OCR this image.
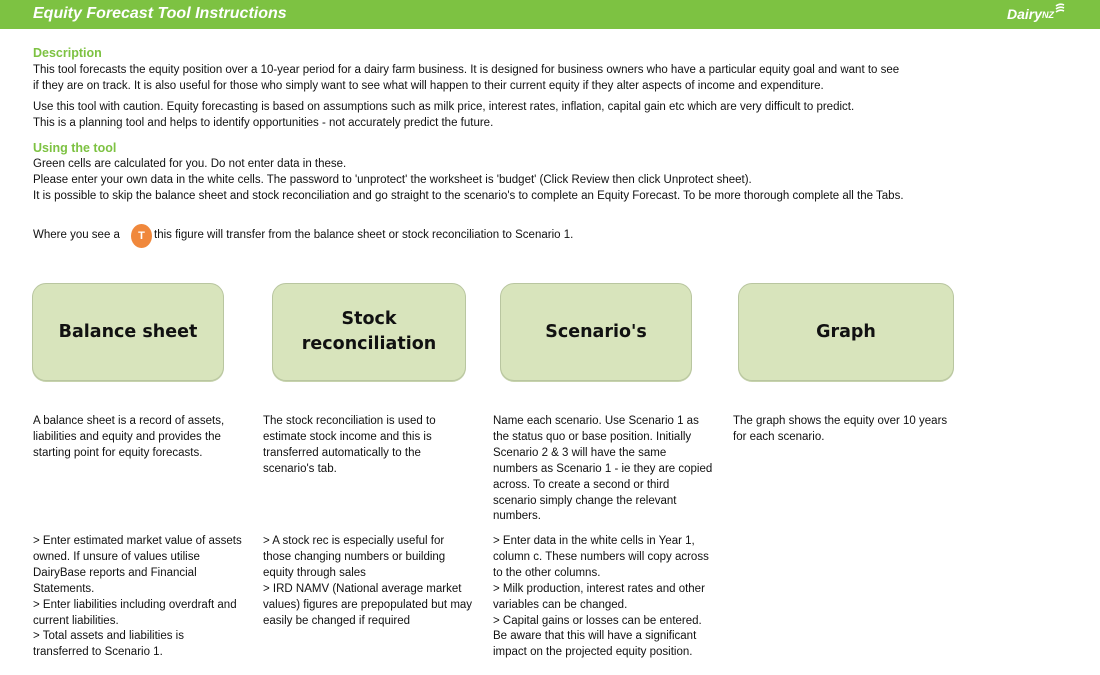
Equity Forecast Tool Instructions	DairyNZ
Description
This tool forecasts the equity position over a 10-year period for a dairy farm business. It is designed for business owners who have a particular equity goal and want to see
if they are on track. It is also useful for those who simply want to see what will happen to their current equity if they alter aspects of income and expenditure.
Use this tool with caution. Equity forecasting is based on assumptions such as milk price, interest rates, inflation, capital gain etc which are very difficult to predict.
This is a planning tool and helps to identify opportunities - not accurately predict the future.
Using the tool
Green cells are calculated for you. Do not enter data in these.
Please enter your own data in the white cells. The password to 'unprotect' the worksheet is 'budget' (Click Review then click Unprotect sheet).
It is possible to skip the balance sheet and stock reconciliation and go straight to the scenario's to complete an Equity Forecast. To be more thorough complete all the Tabs.
Where you see a	this figure will transfer from the balance sheet or stock reconciliation to Scenario 1.
T
Balance sheet
Stock
reconciliation
Scenario's	Graph
A balance sheet is a record of assets,
liabilities and equity and provides the
starting point for equity forecasts.
The stock reconciliation is used to
estimate stock income and this is
transferred automatically to the
scenario's tab.
Name each scenario. Use Scenario 1 as
the status quo or base position. Initially
Scenario 2 & 3 will have the same
numbers as Scenario 1 - ie they are copied
across. To create a second or third
scenario simply change the relevant
numbers.
The graph shows the equity over 10 years
for each scenario.
> Enter estimated market value of assets
owned. If unsure of values utilise
DairyBase reports and Financial
Statements.
> Enter liabilities including overdraft and
current liabilities.
> Total assets and liabilities is
transferred to Scenario 1.
> A stock rec is especially useful for
those changing numbers or building
equity through sales
> IRD NAMV (National average market
values) figures are prepopulated but may
easily be changed if required
> Enter data in the white cells in Year 1,
column c. These numbers will copy across
to the other columns.
> Milk production, interest rates and other
variables can be changed.
> Capital gains or losses can be entered.
Be aware that this will have a significant
impact on the projected equity position.
